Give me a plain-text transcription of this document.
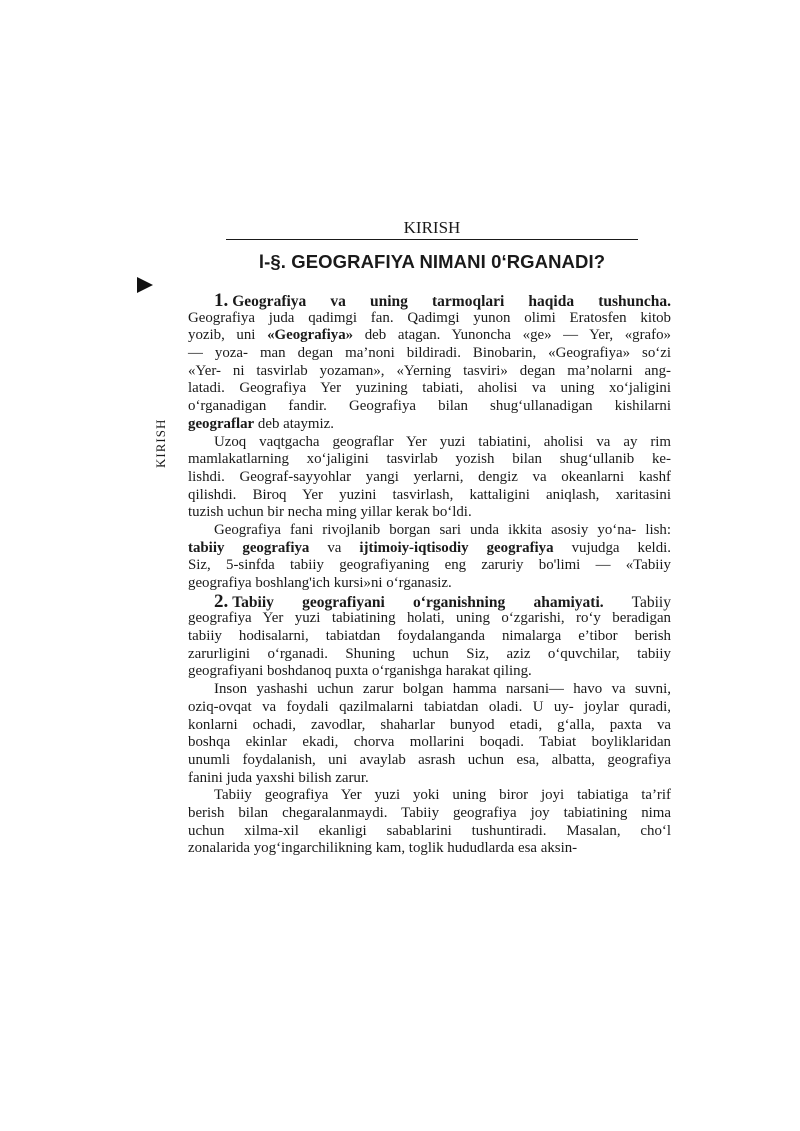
KIRISH
l-§. GEOGRAFIYA NIMANI 0‘RGANADI?
KIRISH
1. Geografiya va uning tarmoqlari haqida tushuncha.
Geografiya juda qadimgi fan. Qadimgi yunon olimi Eratosfen kitob
yozib, uni «Geografiya» deb atagan. Yunoncha «ge» — Yer, «grafo»
— yoza- man degan ma’noni bildiradi. Binobarin, «Geografiya» so‘zi
«Yer- ni tasvirlab yozaman», «Yerning tasviri» degan ma’nolarni ang-
latadi. Geografiya Yer yuzining tabiati, aholisi va uning xo‘jaligini
o‘rganadigan fandir. Geografiya bilan shug‘ullanadigan kishilarni
geograflar deb ataymiz.
Uzoq vaqtgacha geograflar Yer yuzi tabiatini, aholisi va ay rim
mamlakatlarning xo‘jaligini tasvirlab yozish bilan shug‘ullanib ke-
lishdi. Geograf-sayyohlar yangi yerlarni, dengiz va okeanlarni kashf
qilishdi. Biroq Yer yuzini tasvirlash, kattaligini aniqlash, xaritasini
tuzish uchun bir necha ming yillar kerak bo‘ldi.
Geografiya fani rivojlanib borgan sari unda ikkita asosiy yo‘na- lish:
tabiiy geografiya va ijtimoiy-iqtisodiy geografiya vujudga keldi.
Siz, 5-sinfda tabiiy geografiyaning eng zaruriy bo'limi — «Tabiiy
geografiya boshlang'ich kursi»ni o‘rganasiz.
2. Tabiiy geografiyani o‘rganishning ahamiyati. Tabiiy
geografiya Yer yuzi tabiatining holati, uning o‘zgarishi, ro‘y beradigan
tabiiy hodisalarni, tabiatdan foydalanganda nimalarga e’tibor berish
zarurligini o‘rganadi. Shuning uchun Siz, aziz o‘quvchilar, tabiiy
geografiyani boshdanoq puxta o‘rganishga harakat qiling.
Inson yashashi uchun zarur bolgan hamma narsani— havo va suvni,
oziq-ovqat va foydali qazilmalarni tabiatdan oladi. U uy- joylar quradi,
konlarni ochadi, zavodlar, shaharlar bunyod etadi, g‘alla, paxta va
boshqa ekinlar ekadi, chorva mollarini boqadi. Tabiat boyliklaridan
unumli foydalanish, uni avaylab asrash uchun esa, albatta, geografiya
fanini juda yaxshi bilish zarur.
Tabiiy geografiya Yer yuzi yoki uning biror joyi tabiatiga ta’rif
berish bilan chegaralanmaydi. Tabiiy geografiya joy tabiatining nima
uchun xilma-xil ekanligi sabablarini tushuntiradi. Masalan, cho‘l
zonalarida yog‘ingarchilikning kam, toglik hududlarda esa aksin-
